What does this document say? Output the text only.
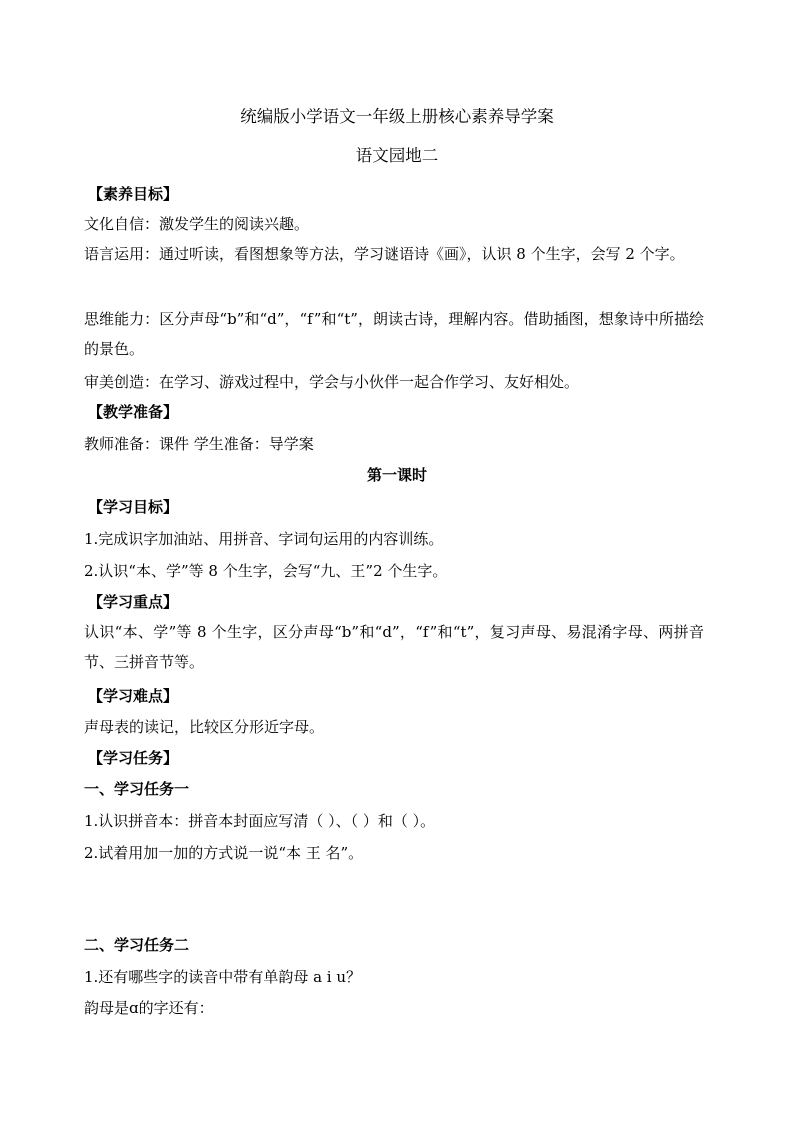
统编版小学语文一年级上册核心素养导学案
语文园地二
【素养目标】
文化自信：激发学生的阅读兴趣。
语言运用：通过听读，看图想象等方法，学习谜语诗《画》，认识 8 个生字，会写 2 个字。
思维能力：区分声母“b”和“d”，“f”和“t”，朗读古诗，理解内容。借助插图，想象诗中所描绘的景色。
审美创造：在学习、游戏过程中，学会与小伙伴一起合作学习、友好相处。
【教学准备】
教师准备：课件 学生准备：导学案
第一课时
【学习目标】
1.完成识字加油站、用拼音、字词句运用的内容训练。
2.认识“本、学”等 8 个生字，会写“九、王”2 个生字。
【学习重点】
认识“本、学”等 8 个生字，区分声母“b”和“d”，“f”和“t”，复习声母、易混淆字母、两拼音节、三拼音节等。
【学习难点】
声母表的读记，比较区分形近字母。
【学习任务】
一、学习任务一
1.认识拼音本：拼音本封面应写清（ ）、（ ）和（ ）。
2.试着用加一加的方式说一说“本 王 名”。
二、学习任务二
1.还有哪些字的读音中带有单韵母 a i u？
韵母是ɑ的字还有：
